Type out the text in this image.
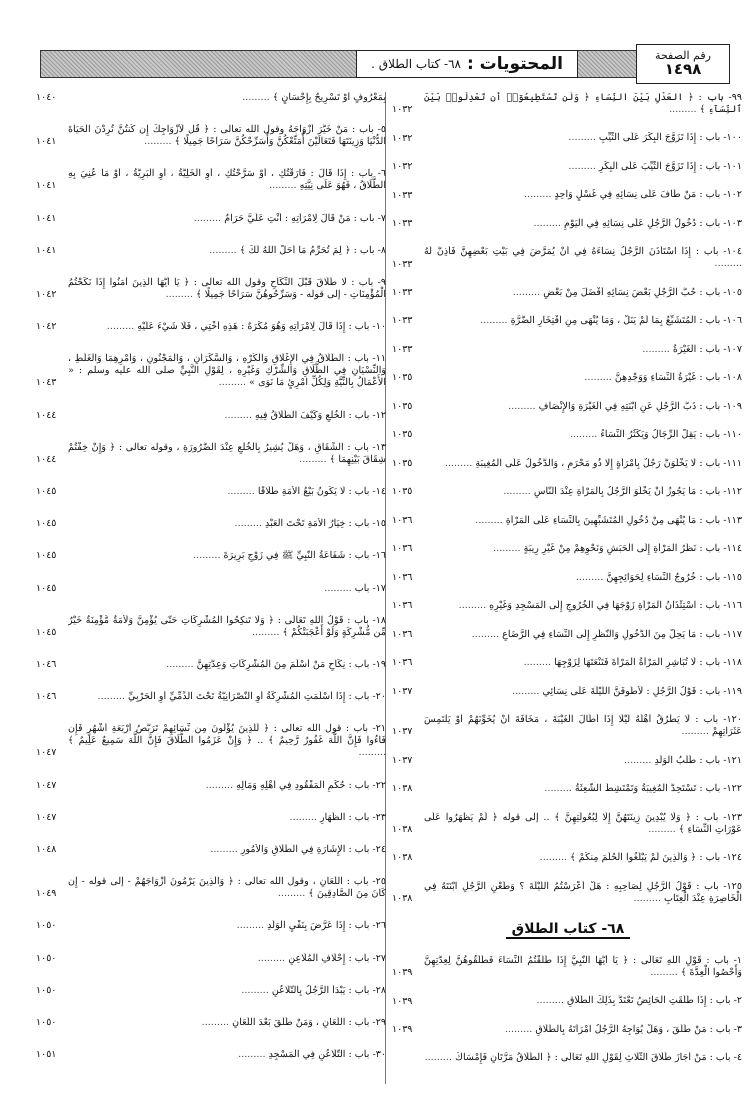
المحتويات :
٦٨- كتاب الطلاق .
رقم الصفحة
١٤٩٨
١٠٣٢
٩٩- باب : ﴿ العَدْلِ بَيْنَ النِّسَاءِ ﴿ وَلَن تَسْتَطِيعُوٓا۟ أَن تَعْدِلُوا۟ بَيْنَ ٱلنِّسَآءِ ﴾ .........
١٠٣٢	١٠٠- باب : إِذَا تَزَوَّجَ الْبِكْرَ عَلَى الثَّيِّبِ .........
١٠٣٢	١٠١- باب : إِذَا تَزَوَّجَ الثَّيِّبَ عَلَى الْبِكْرِ .........
١٠٣٣	١٠٢- باب : مَنْ طَافَ عَلَى نِسَائِهِ فِي غُسْلٍ وَاحِدٍ .........
١٠٣٣	١٠٣- باب : دُخُولُ الرَّجُلِ عَلَى نِسَائِهِ فِي الْيَوْمِ .........
١٠٣٣
١٠٤- باب : إِذَا اسْتَأْذَنَ الرَّجُلُ نِسَاءَهُ فِي أَنْ يُمَرَّضَ فِي بَيْتِ بَعْضِهِنَّ فَأَذِنَّ لَهُ .........
١٠٣٣	١٠٥- باب : حُبُّ الرَّجُلِ بَعْضَ نِسَائِهِ أَفْضَلَ مِنْ بَعْضٍ .........
١٠٣٣	١٠٦- باب : الْمُتَشَبِّعُ بِمَا لَمْ يَنَلْ ، وَمَا يُنْهَى مِنِ افْتِخَارِ الضَّرَّةِ .........
١٠٣٣	١٠٧- باب : الْغَيْرَةُ .........
١٠٣٥	١٠٨- باب : غَيْرَةُ النِّسَاءِ وَوَجْدِهِنَّ .........
١٠٣٥	١٠٩- باب : ذَبُّ الرَّجُلِ عَنِ ابْنَتِهِ فِي الْغَيْرَةِ وَالإِنْصَافِ .........
١٠٣٥	١١٠- باب : يَقِلُّ الرِّجَالُ وَيَكْثُرُ النِّسَاءُ .........
١٠٣٥	١١١- باب : لَا يَخْلُوَنَّ رَجُلٌ بِامْرَأَةٍ إِلَّا ذُو مَحْرَمٍ ، وَالدُّخُولُ عَلَى الْمُغِيبَةِ .........
١٠٣٥	١١٢- باب : مَا يَجُوزُ أَنْ يَخْلُوَ الرَّجُلُ بِالْمَرْأَةِ عِنْدَ النَّاسِ .........
١٠٣٦	١١٣- باب : مَا يُنْهَى مِنْ دُخُولِ الْمُتَشَبِّهِينَ بِالنِّسَاءِ عَلَى الْمَرْأَةِ .........
١٠٣٦	١١٤- باب : نَظَرُ الْمَرْأَةِ إِلَى الْحَبَشِ وَنَحْوِهِمْ مِنْ غَيْرِ رِيبَةٍ .........
١٠٣٦	١١٥- باب : خُرُوجُ النِّسَاءِ لِحَوَائِجِهِنَّ .........
١٠٣٦	١١٦- باب : اسْتِئْذَانُ الْمَرْأَةِ زَوْجَهَا فِي الْخُرُوجِ إِلَى الْمَسْجِدِ وَغَيْرِهِ .........
١٠٣٦	١١٧- باب : مَا يَحِلُّ مِنَ الدُّخُولِ وَالنَّظَرِ إِلَى النِّسَاءِ فِي الرَّضَاعِ .........
١٠٣٦	١١٨- باب : لَا تُبَاشِرِ الْمَرْأَةُ الْمَرْأَةَ فَتَنْعَتَهَا لِزَوْجِهَا .........
١٠٣٧	١١٩- باب : قَوْلُ الرَّجُلِ : لَأَطُوفَنَّ اللَّيْلَةَ عَلَى نِسَائِي .........
١٠٣٧
١٢٠- باب : لَا يَطْرُقُ أَهْلَهُ لَيْلًا إِذَا أَطَالَ الْغَيْبَةَ ، مَخَافَةَ أَنْ يُخَوِّنَهُمْ أَوْ يَلْتَمِسَ عَثَرَاتِهِمْ .........
١٠٣٧	١٢١- باب : طَلَبُ الْوَلَدِ .........
١٠٣٨	١٢٢- باب : تَسْتَحِدُّ الْمُغِيبَةُ وَتَمْتَشِطُ الشَّعِثَةُ .........
١٠٣٨
١٢٣- باب : ﴿ وَلَا يُبْدِينَ زِينَتَهُنَّ إِلَّا لِبُعُولَتِهِنَّ ﴾ .. إلى قوله ﴿ لَمْ يَظْهَرُوا عَلَى عَوْرَاتِ النِّسَاءِ ﴾ .........
١٠٣٨	١٢٤- باب : ﴿ وَالَّذِينَ لَمْ يَبْلُغُوا الْحُلُمَ مِنكُمْ ﴾ .........
١٠٣٨
١٢٥- باب : قَوْلُ الرَّجُلِ لِصَاحِبِهِ : هَلْ أَعْرَسْتُمُ اللَّيْلَةَ ؟ وَطَعْنِ الرَّجُلِ ابْنَتَهُ فِي الْخَاصِرَةِ عِنْدَ الْعِتَابِ .........
٦٨- كتاب الطلاق
١٠٣٩
١- باب : قَوْلِ اللهِ تَعَالَى : ﴿ يَا أَيُّهَا النَّبِيُّ إِذَا طَلَّقْتُمُ النِّسَاءَ فَطَلِّقُوهُنَّ لِعِدَّتِهِنَّ وَأَحْصُوا الْعِدَّةَ ﴾ .........
١٠٣٩	٢- باب : إِذَا طُلِّقَتِ الْحَائِضُ تَعْتَدُّ بِذَلِكَ الطَّلَاقِ .........
١٠٣٩	٣- باب : مَنْ طَلَّقَ ، وَهَلْ يُوَاجِهُ الرَّجُلُ امْرَأَتَهُ بِالطَّلَاقِ .........
٤- باب : مَنْ أَجَازَ طَلَاقَ الثَّلَاثِ لِقَوْلِ اللهِ تَعَالَى : ﴿ الطَّلَاقُ مَرَّتَانِ فَإِمْسَاكٌ .........
١٠٤٠	بِمَعْرُوفٍ أَوْ تَسْرِيحٌ بِإِحْسَانٍ ﴾ .........
١٠٤١
٥- باب : مَنْ خَيَّرَ أَزْوَاجَهُ وقول الله تعالى : ﴿ قُل لِّأَزْوَاجِكَ إِن كُنتُنَّ تُرِدْنَ الْحَيَاةَ الدُّنْيَا وَزِينَتَهَا فَتَعَالَيْنَ أُمَتِّعْكُنَّ وَأُسَرِّحْكُنَّ سَرَاحًا جَمِيلًا ﴾ .........
١٠٤١
٦- باب : إِذَا قَالَ : فَارَقْتُكِ ، أَوْ سَرَّحْتُكِ ، أَوِ الْخَلِيَّةُ ، أَوِ الْبَرِيَّةُ ، أَوْ مَا عُنِيَ بِهِ الطَّلَاقُ ، فَهُوَ عَلَى نِيَّتِهِ .........
١٠٤١	٧- باب : مَنْ قَالَ لِامْرَأَتِهِ : أَنْتِ عَلَيَّ حَرَامٌ .........
١٠٤١	٨- باب : ﴿ لِمَ تُحَرِّمُ مَا أَحَلَّ اللهُ لَكَ ﴾ .........
١٠٤٢
٩- باب : لَا طَلَاقَ قَبْلَ النِّكَاحِ وقول الله تعالى : ﴿ يَا أَيُّهَا الَّذِينَ آمَنُوا إِذَا نَكَحْتُمُ الْمُؤْمِنَاتِ - إلى قوله - وَسَرِّحُوهُنَّ سَرَاحًا جَمِيلًا ﴾ .........
١٠٤٢	١٠- باب : إِذَا قَالَ لِامْرَأَتِهِ وَهُوَ مُكْرَهٌ : هَذِهِ أُخْتِي ، فَلَا شَيْءَ عَلَيْهِ .........
١٠٤٣
١١- باب : الطَّلَاقُ فِي الإِغْلَاقِ وَالْكُرْهِ ، وَالسَّكْرَانِ ، وَالْمَجْنُونِ ، وَأَمْرِهِمَا وَالْغَلَطِ ، وَالنِّسْيَانِ فِي الطَّلَاقِ وَالشِّرْكِ وَغَيْرِهِ ، لِقَوْلِ النَّبِيِّ صلى الله عليه وسلم : « الأَعْمَالُ بِالنِّيَّةِ وَلِكُلِّ امْرِئٍ مَا نَوَى » .........
١٠٤٤	١٢- باب : الْخُلْعِ وَكَيْفَ الطَّلَاقُ فِيهِ .........
١٠٤٤
١٣- باب : الشِّقَاقِ ، وَهَلْ يُشِيرُ بِالْخُلْعِ عِنْدَ الضَّرُورَةِ ، وقوله تعالى : ﴿ وَإِنْ خِفْتُمْ شِقَاقَ بَيْنِهِمَا ﴾ .........
١٠٤٥	١٤- باب : لَا يَكُونُ بَيْعُ الأَمَةِ طَلَاقًا .........
١٠٤٥	١٥- باب : خِيَارُ الأَمَةِ تَحْتَ الْعَبْدِ .........
١٠٤٥	١٦- باب : شَفَاعَةُ النَّبِيِّ ﷺ فِي زَوْجِ بَرِيرَةَ .........
١٠٤٥	١٧- باب .........
١٠٤٥
١٨- باب : قَوْلُ اللهِ تَعَالَى : ﴿ وَلَا تَنكِحُوا الْمُشْرِكَاتِ حَتَّى يُؤْمِنَّ وَلَأَمَةٌ مُّؤْمِنَةٌ خَيْرٌ مِّن مُّشْرِكَةٍ وَلَوْ أَعْجَبَتْكُمْ ﴾ .........
١٠٤٦	١٩- باب : نِكَاحِ مَنْ أَسْلَمَ مِنَ الْمُشْرِكَاتِ وَعِدَّتِهِنَّ .........
١٠٤٦	٢٠- باب : إِذَا أَسْلَمَتِ الْمُشْرِكَةُ أَوِ النَّصْرَانِيَّةُ تَحْتَ الذِّمِّيِّ أَوِ الْحَرْبِيِّ .........
١٠٤٧
٢١- باب : قول الله تعالى : ﴿ لِّلَّذِينَ يُؤْلُونَ مِن نِّسَائِهِمْ تَرَبُّصُ أَرْبَعَةِ أَشْهُرٍ فَإِن فَاءُوا فَإِنَّ اللَّهَ غَفُورٌ رَّحِيمٌ ﴾ .. ﴿ وَإِنْ عَزَمُوا الطَّلَاقَ فَإِنَّ اللَّهَ سَمِيعٌ عَلِيمٌ ﴾ .........
١٠٤٧	٢٢- باب : حُكْمِ الْمَفْقُودِ فِي أَهْلِهِ وَمَالِهِ .........
١٠٤٧	٢٣- باب : الظِّهَارِ .........
١٠٤٨	٢٤- باب : الإِشَارَةِ فِي الطَّلَاقِ وَالأُمُورِ .........
١٠٤٩
٢٥- باب : اللِّعَانِ ، وقول الله تعالى : ﴿ وَالَّذِينَ يَرْمُونَ أَزْوَاجَهُمْ - إلى قوله - إِن كَانَ مِنَ الصَّادِقِينَ ﴾ .........
١٠٥٠	٢٦- باب : إِذَا عَرَّضَ بِنَفْيِ الْوَلَدِ .........
١٠٥٠	٢٧- باب : إِحْلَافِ الْمُلَاعِنِ .........
١٠٥٠	٢٨- باب : يَبْدَأُ الرَّجُلُ بِالتَّلَاعُنِ .........
١٠٥٠	٢٩- باب : اللِّعَانِ ، وَمَنْ طَلَّقَ بَعْدَ اللِّعَانِ .........
١٠٥١	٣٠- باب : التَّلَاعُنِ فِي الْمَسْجِدِ .........
